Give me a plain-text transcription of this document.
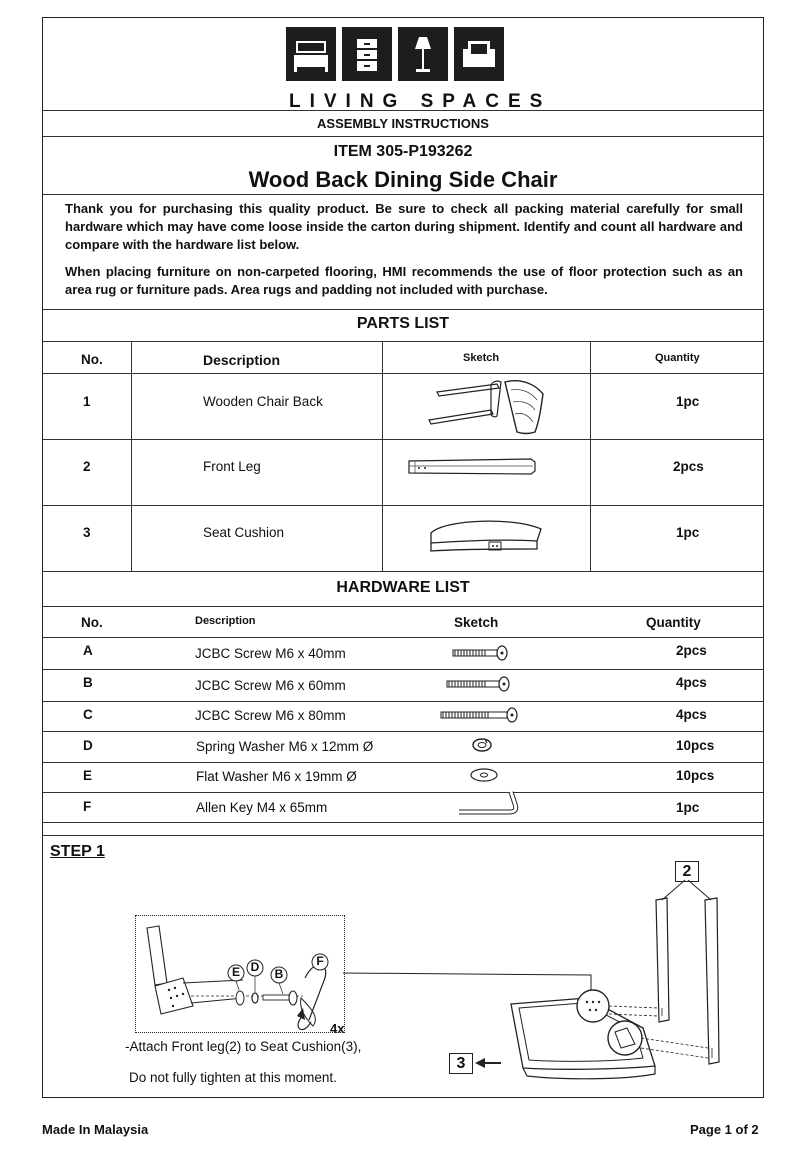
LIVING SPACES
ASSEMBLY INSTRUCTIONS
ITEM 305-P193262
Wood Back Dining Side Chair
Thank you for purchasing this quality product. Be sure to check all packing material carefully for small hardware which may have come loose inside the carton during shipment. Identify and count all hardware and compare with the hardware list below.
When placing furniture on non-carpeted flooring, HMI recommends the use of floor protection such as an area rug or furniture pads. Area rugs and padding not included with purchase.
PARTS LIST
No.	Description	Sketch	Quantity
1	Wooden Chair Back	1pc
2	Front Leg	2pcs
3	Seat Cushion	1pc
HARDWARE LIST
No.	Description	Sketch	Quantity
A	JCBC Screw M6 x 40mm	2pcs
B	JCBC Screw M6 x 60mm	4pcs
C	JCBC Screw M6 x 80mm	4pcs
D	Spring Washer M6 x 12mm Ø	10pcs
E	Flat Washer M6 x 19mm Ø	10pcs
F	Allen Key M4 x 65mm	1pc
STEP 1
2
3
E D	B
F
4x
-Attach Front leg(2) to Seat Cushion(3),
Do not fully tighten at this moment.
Made In Malaysia	Page 1 of 2
